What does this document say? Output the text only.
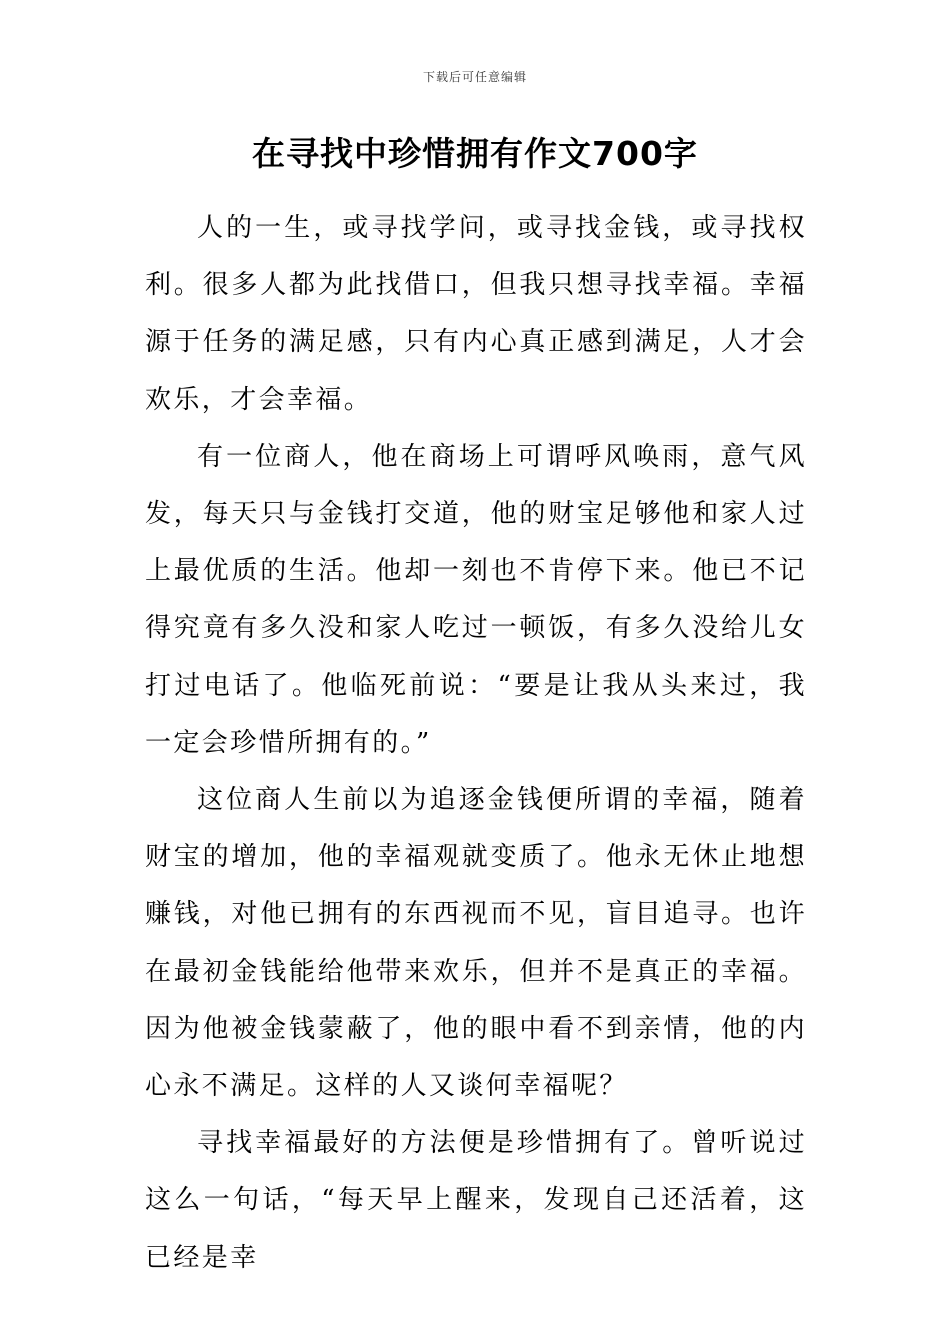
下载后可任意编辑
在寻找中珍惜拥有作文700字

人的一生，或寻找学问，或寻找金钱，或寻找权利。很多人都为此找借口，但我只想寻找幸福。幸福源于任务的满足感，只有内心真正感到满足，人才会欢乐，才会幸福。

有一位商人，他在商场上可谓呼风唤雨，意气风发，每天只与金钱打交道，他的财宝足够他和家人过上最优质的生活。他却一刻也不肯停下来。他已不记得究竟有多久没和家人吃过一顿饭，有多久没给儿女打过电话了。他临死前说：“要是让我从头来过，我一定会珍惜所拥有的。”

这位商人生前以为追逐金钱便所谓的幸福，随着财宝的增加，他的幸福观就变质了。他永无休止地想赚钱，对他已拥有的东西视而不见，盲目追寻。也许在最初金钱能给他带来欢乐，但并不是真正的幸福。因为他被金钱蒙蔽了，他的眼中看不到亲情，他的内心永不满足。这样的人又谈何幸福呢？

寻找幸福最好的方法便是珍惜拥有了。曾听说过这么一句话，“每天早上醒来，发现自己还活着，这已经是幸
